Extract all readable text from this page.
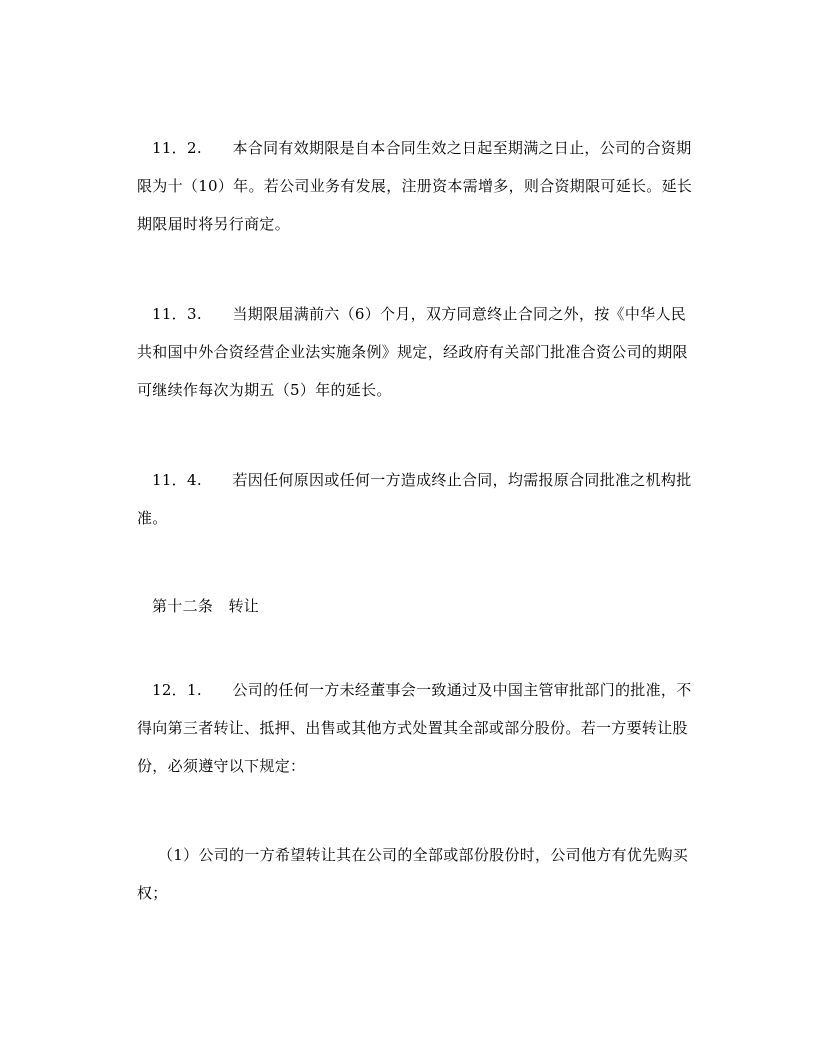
11．2.　　本合同有效期限是自本合同生效之日起至期满之日止，公司的合资期
限为十（10）年。若公司业务有发展，注册资本需增多，则合资期限可延长。延长
期限届时将另行商定。
11．3.　　当期限届满前六（6）个月，双方同意终止合同之外，按《中华人民
共和国中外合资经营企业法实施条例》规定，经政府有关部门批准合资公司的期限
可继续作每次为期五（5）年的延长。
11．4.　　若因任何原因或任何一方造成终止合同，均需报原合同批准之机构批
准。
第十二条　转让
12．1.　　公司的任何一方未经董事会一致通过及中国主管审批部门的批准，不
得向第三者转让、抵押、出售或其他方式处置其全部或部分股份。若一方要转让股
份，必须遵守以下规定：
（1）公司的一方希望转让其在公司的全部或部份股份时，公司他方有优先购买
权；
